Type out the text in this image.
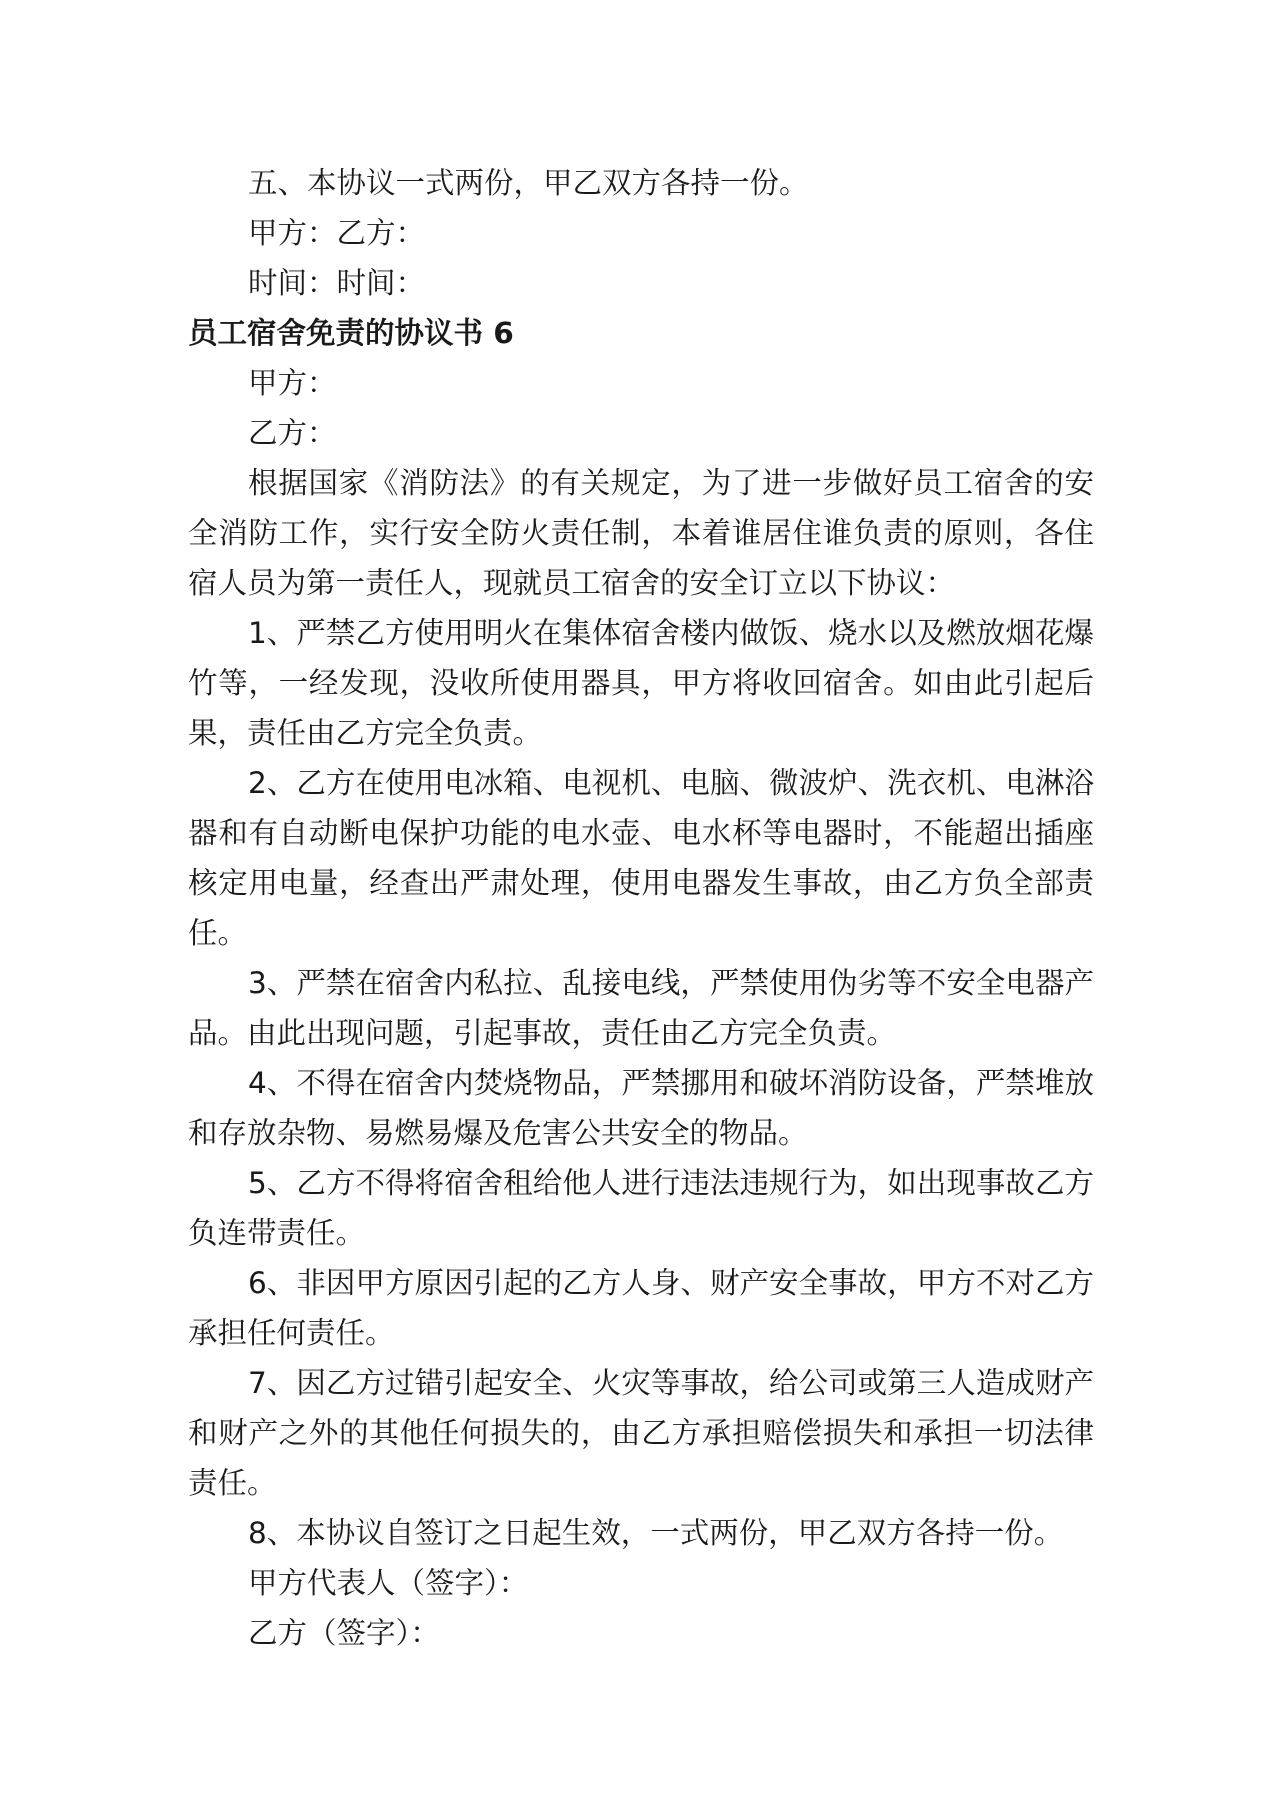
五、本协议一式两份，甲乙双方各持一份。

甲方：乙方：

时间：时间：

员工宿舍免责的协议书 6

甲方：

乙方：

根据国家《消防法》的有关规定，为了进一步做好员工宿舍的安全消防工作，实行安全防火责任制，本着谁居住谁负责的原则，各住宿人员为第一责任人，现就员工宿舍的安全订立以下协议：

1、严禁乙方使用明火在集体宿舍楼内做饭、烧水以及燃放烟花爆竹等，一经发现，没收所使用器具，甲方将收回宿舍。如由此引起后果，责任由乙方完全负责。

2、乙方在使用电冰箱、电视机、电脑、微波炉、洗衣机、电淋浴器和有自动断电保护功能的电水壶、电水杯等电器时，不能超出插座核定用电量，经查出严肃处理，使用电器发生事故，由乙方负全部责任。

3、严禁在宿舍内私拉、乱接电线，严禁使用伪劣等不安全电器产品。由此出现问题，引起事故，责任由乙方完全负责。

4、不得在宿舍内焚烧物品，严禁挪用和破坏消防设备，严禁堆放和存放杂物、易燃易爆及危害公共安全的物品。

5、乙方不得将宿舍租给他人进行违法违规行为，如出现事故乙方负连带责任。

6、非因甲方原因引起的乙方人身、财产安全事故，甲方不对乙方承担任何责任。

7、因乙方过错引起安全、火灾等事故，给公司或第三人造成财产和财产之外的其他任何损失的，由乙方承担赔偿损失和承担一切法律责任。

8、本协议自签订之日起生效，一式两份，甲乙双方各持一份。

甲方代表人（签字）：

乙方（签字）：
